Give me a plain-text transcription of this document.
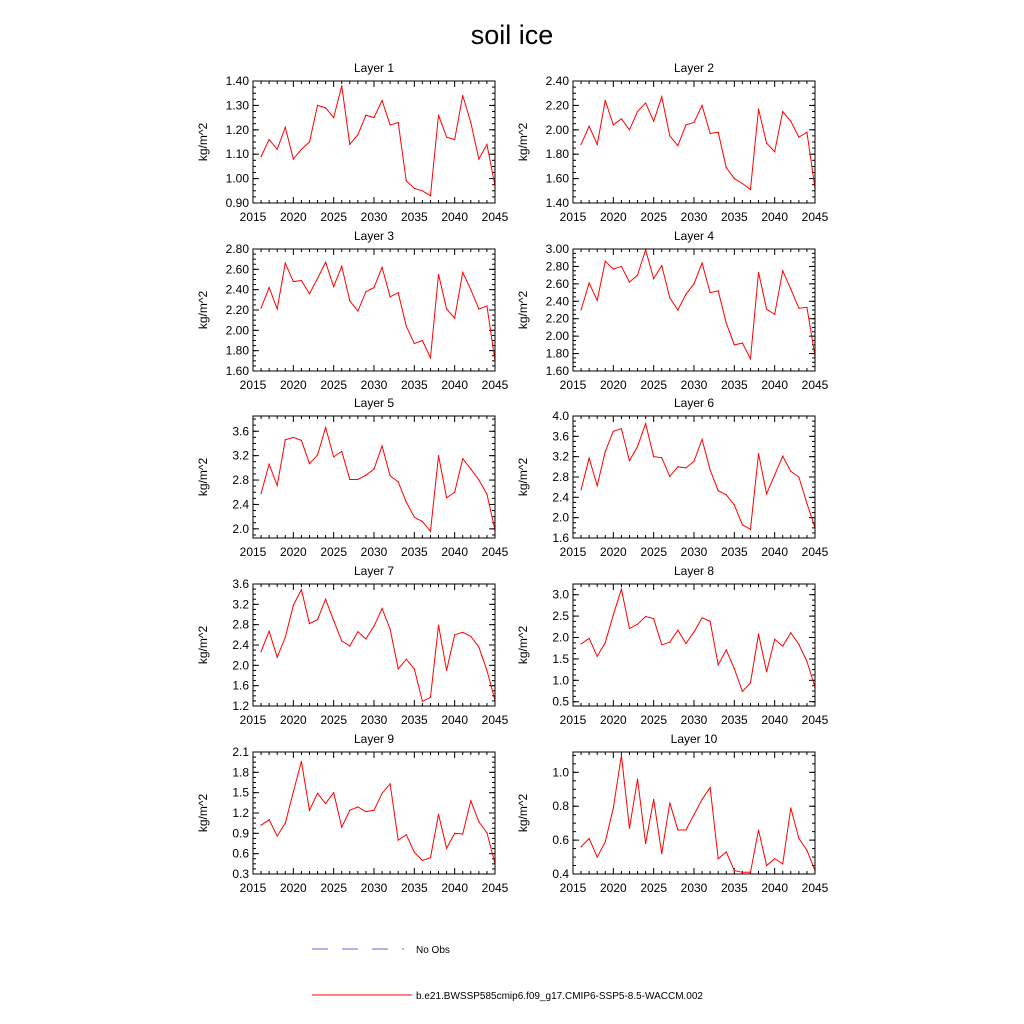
soil ice
Layer 1
kg/m^2
2015 2020 2025 2030 2035 2040 2045
0.90
1.00
1.10
1.20
1.30
1.40
Layer 2
kg/m^2
2015 2020 2025 2030 2035 2040 2045
1.40
1.60
1.80
2.00
2.20
2.40
Layer 3
kg/m^2
2015 2020 2025 2030 2035 2040 2045
1.60
1.80
2.00
2.20
2.40
2.60
2.80
Layer 4
kg/m^2
2015 2020 2025 2030 2035 2040 2045
1.60
1.80
2.00
2.20
2.40
2.60
2.80
3.00
Layer 5
kg/m^2
2015 2020 2025 2030 2035 2040 2045
2.0
2.4
2.8
3.2
3.6
Layer 6
kg/m^2
2015 2020 2025 2030 2035 2040 2045
1.6
2.0
2.4
2.8
3.2
3.6
4.0
Layer 7
kg/m^2
2015 2020 2025 2030 2035 2040 2045
1.2
1.6
2.0
2.4
2.8
3.2
3.6
Layer 8
kg/m^2
2015 2020 2025 2030 2035 2040 2045
0.5
1.0
1.5
2.0
2.5
3.0
Layer 9
kg/m^2
2015 2020 2025 2030 2035 2040 2045
0.3
0.6
0.9
1.2
1.5
1.8
2.1
Layer 10
kg/m^2
2015 2020 2025 2030 2035 2040 2045
0.4
0.6
0.8
1.0
No Obs
b.e21.BWSSP585cmip6.f09_g17.CMIP6-SSP5-8.5-WACCM.002
